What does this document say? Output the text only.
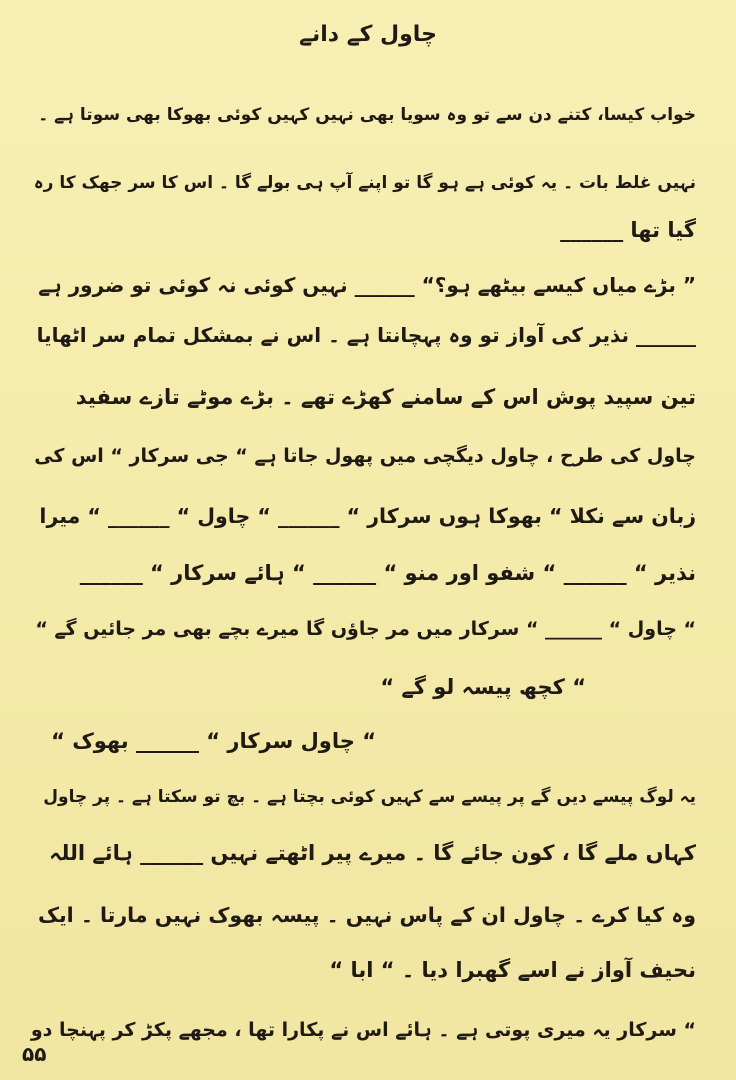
چاول کے دانے
خواب کیسا، کتنے دن سے تو وہ سویا بھی نہیں کہیں کوئی بھوکا بھی سوتا ہے ۔
نہیں غلط بات ۔ یہ کوئی ہے ہو گا تو اپنے آپ ہی بولے گا ۔ اس کا سر جھک کا رہ
گیا تھا ______
” بڑے میاں کیسے بیٹھے ہو؟“ ______ نہیں کوئی نہ کوئی تو ضرور ہے
______ نذیر کی آواز تو وہ پہچانتا ہے ۔ اس نے بمشکل تمام سر اٹھایا
تین سپید پوش اس کے سامنے کھڑے تھے ۔ بڑے موٹے تازے سفید
چاول کی طرح ، چاول دیگچی میں پھول جاتا ہے “ جی سرکار “ اس کی
زبان سے نکلا “ بھوکا ہوں سرکار “ ______ “ چاول “ ______ “ میرا
نذیر “ ______ “ شفو اور منو “ ______ “ ہائے سرکار “ ______
“ چاول “ ______ “ سرکار میں مر جاؤں گا میرے بچے بھی مر جائیں گے “
“ کچھ پیسہ لو گے “
“ چاول سرکار “ ______ بھوک “
یہ لوگ پیسے دیں گے پر پیسے سے کہیں کوئی بچتا ہے ۔ بچ تو سکتا ہے ۔ پر چاول
کہاں ملے گا ، کون جائے گا ۔ میرے پیر اٹھتے نہیں ______ ہائے اللہ
وہ کیا کرے ۔ چاول ان کے پاس نہیں ۔ پیسہ بھوک نہیں مارتا ۔ ایک
نحیف آواز نے اسے گھبرا دیا ۔ “ ابا “
“ سرکار یہ میری پوتی ہے ۔ ہائے اس نے پکارا تھا ، مجھے پکڑ کر پہنچا دو
۵۵
